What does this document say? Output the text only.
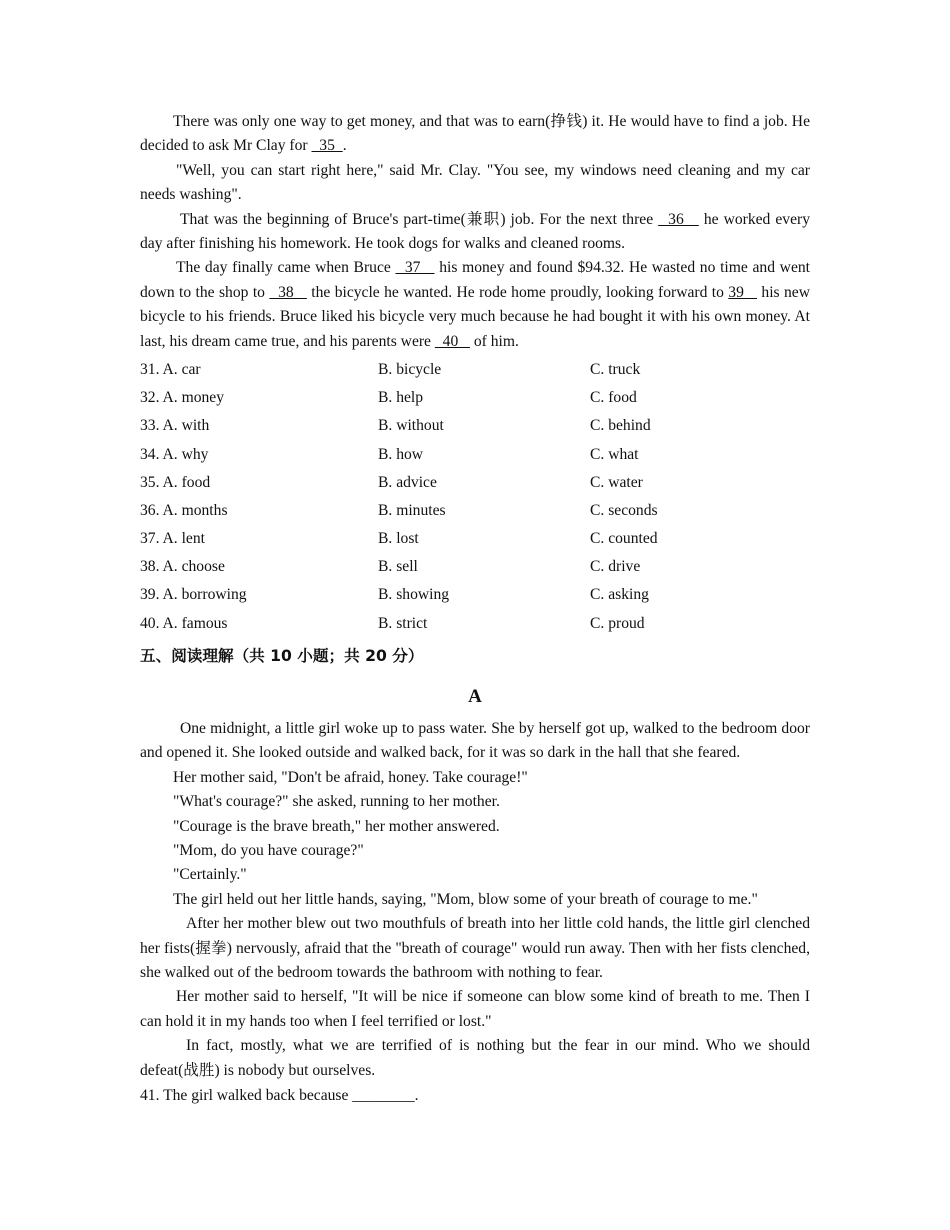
There was only one way to get money, and that was to earn(挣钱) it. He would have to find a job. He decided to ask Mr Clay for   35  .

"Well, you can start right here," said Mr. Clay. "You see, my windows need cleaning and my car needs washing".

That was the beginning of Bruce's part-time(兼职) job. For the next three   36    he worked every day after finishing his homework. He took dogs for walks and cleaned rooms.

The day finally came when Bruce   37    his money and found $94.32. He wasted no time and went down to the shop to   38    the bicycle he wanted. He rode home proudly, looking forward to 39    his new bicycle to his friends. Bruce liked his bicycle very much because he had bought it with his own money. At last, his dream came true, and his parents were   40    of him.

31. A. car	B. bicycle	C. truck
32. A. money	B. help	C. food
33. A. with	B. without	C. behind
34. A. why	B. how	C. what
35. A. food	B. advice	C. water
36. A. months	B. minutes	C. seconds
37. A. lent	B. lost	C. counted
38. A. choose	B. sell	C. drive
39. A. borrowing	B. showing	C. asking
40. A. famous	B. strict	C. proud
五、阅读理解（共 10 小题；共 20 分）
A

One midnight, a little girl woke up to pass water. She by herself got up, walked to the bedroom door and opened it. She looked outside and walked back, for it was so dark in the hall that she feared.

Her mother said, "Don't be afraid, honey. Take courage!"

"What's courage?" she asked, running to her mother.

"Courage is the brave breath," her mother answered.

"Mom, do you have courage?"

"Certainly."

The girl held out her little hands, saying, "Mom, blow some of your breath of courage to me."

After her mother blew out two mouthfuls of breath into her little cold hands, the little girl clenched her fists(握拳) nervously, afraid that the "breath of courage" would run away. Then with her fists clenched, she walked out of the bedroom towards the bathroom with nothing to fear.

Her mother said to herself, "It will be nice if someone can blow some kind of breath to me. Then I can hold it in my hands too when I feel terrified or lost."

In fact, mostly, what we are terrified of is nothing but the fear in our mind. Who we should defeat(战胜) is nobody but ourselves.

41. The girl walked back because ________.
